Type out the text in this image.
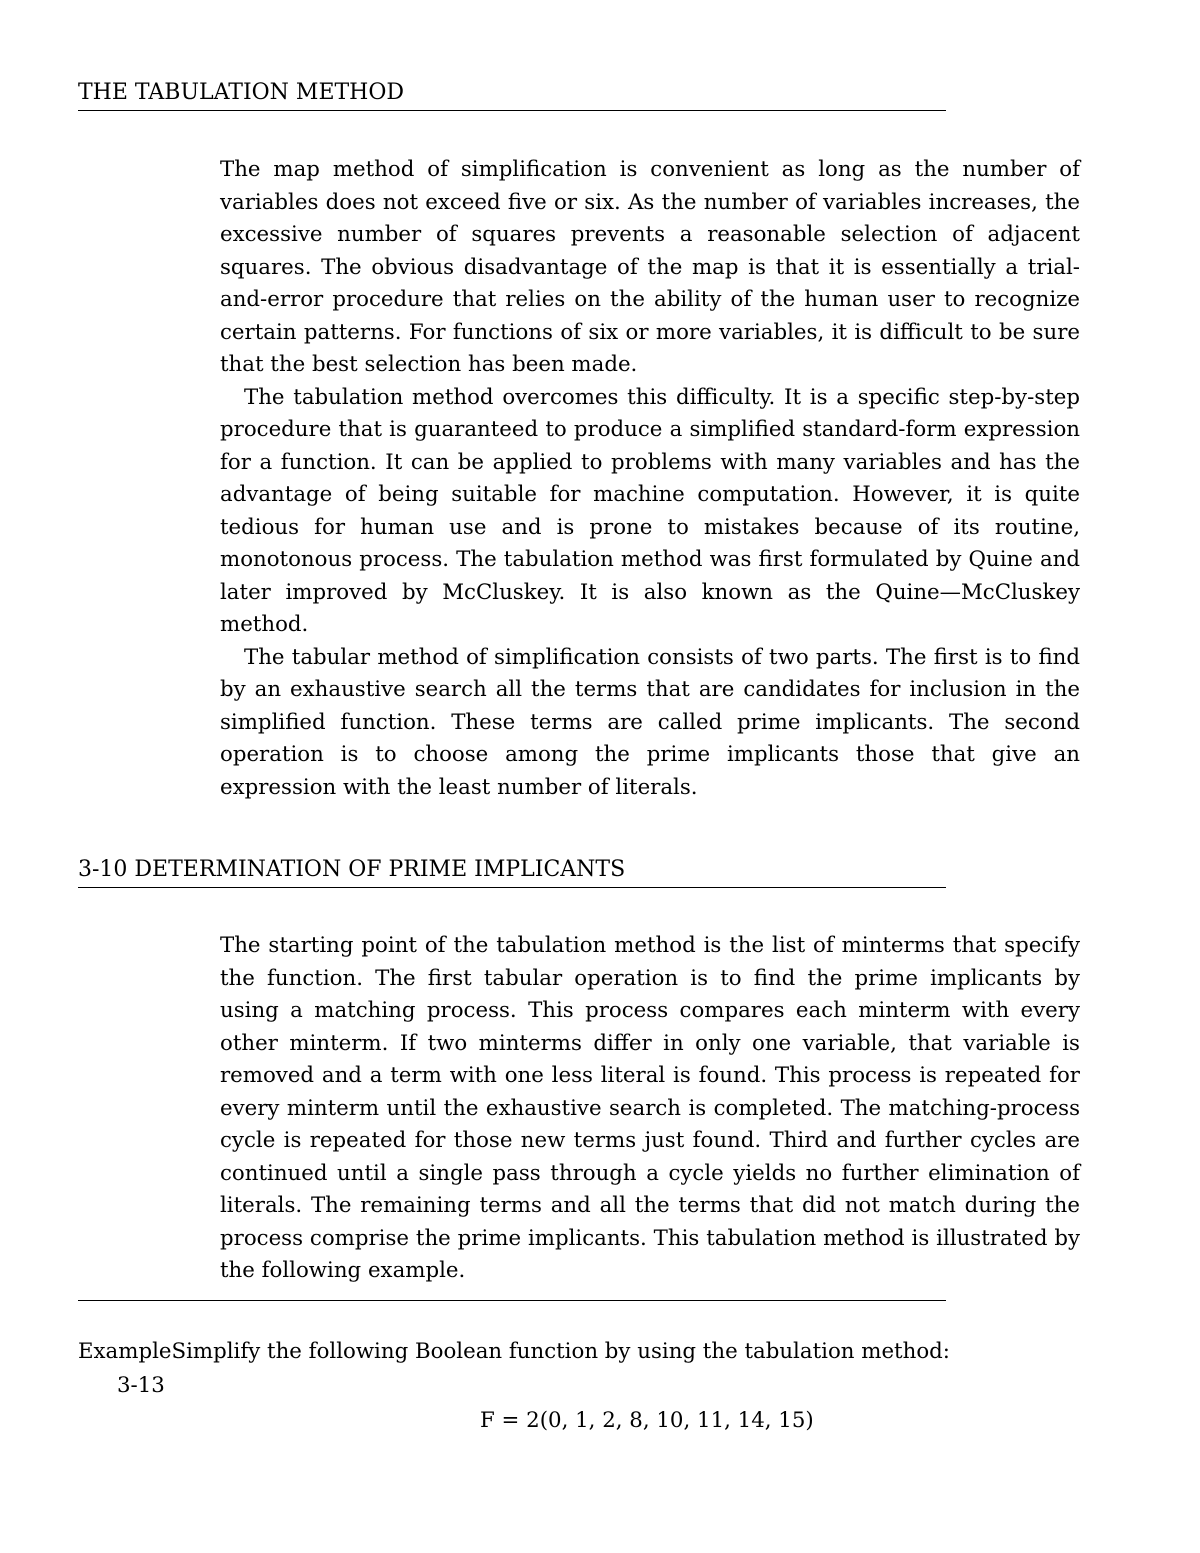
THE TABULATION METHOD

The map method of simplification is convenient as long as the number of variables does not exceed five or six. As the number of variables increases, the excessive number of squares prevents a reasonable selection of adjacent squares. The obvious disadvantage of the map is that it is essentially a trial-and-error procedure that relies on the ability of the human user to recognize certain patterns. For functions of six or more variables, it is difficult to be sure that the best selection has been made.

The tabulation method overcomes this difficulty. It is a specific step-by-step procedure that is guaranteed to produce a simplified standard-form expression for a function. It can be applied to problems with many variables and has the advantage of being suitable for machine computation. However, it is quite tedious for human use and is prone to mistakes because of its routine, monotonous process. The tabulation method was first formulated by Quine and later improved by McCluskey. It is also known as the Quine—McCluskey method.

The tabular method of simplification consists of two parts. The first is to find by an exhaustive search all the terms that are candidates for inclusion in the simplified function. These terms are called prime implicants. The second operation is to choose among the prime implicants those that give an expression with the least number of literals.

3-10 DETERMINATION OF PRIME IMPLICANTS

The starting point of the tabulation method is the list of minterms that specify the function. The first tabular operation is to find the prime implicants by using a matching process. This process compares each minterm with every other minterm. If two minterms differ in only one variable, that variable is removed and a term with one less literal is found. This process is repeated for every minterm until the exhaustive search is completed. The matching-process cycle is repeated for those new terms just found. Third and further cycles are continued until a single pass through a cycle yields no further elimination of literals. The remaining terms and all the terms that did not match during the process comprise the prime implicants. This tabulation method is illustrated by the following example.

ExampleSimplify the following Boolean function by using the tabulation method:
3-13
F = 2(0, 1, 2, 8, 10, 11, 14, 15)
